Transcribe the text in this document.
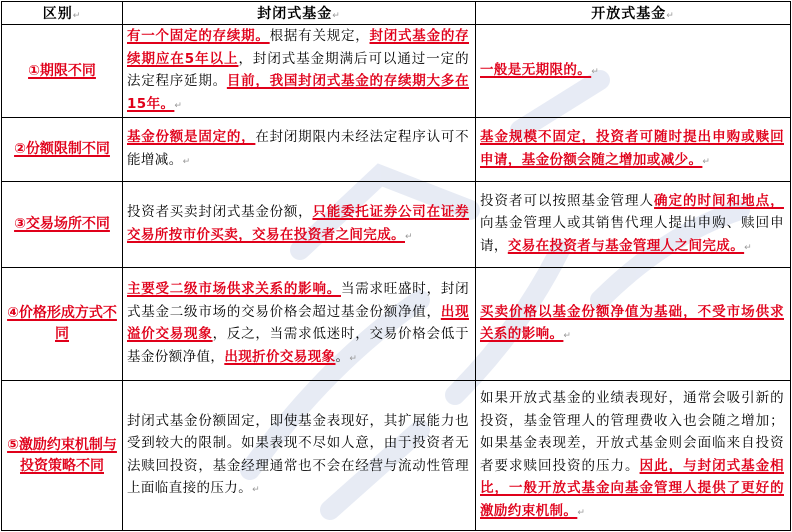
区别↵	封闭式基金↵	开放式基金↵
①期限不同	有一个固定的存续期。根据有关规定，封闭式基金的存续期应在5年以上，封闭式基金期满后可以通过一定的法定程序延期。目前，我国封闭式基金的存续期大多在15年。↵	一般是无期限的。↵
②份额限制不同	基金份额是固定的，在封闭期限内未经法定程序认可不能增减。↵	基金规模不固定，投资者可随时提出申购或赎回申请，基金份额会随之增加或减少。↵
③交易场所不同	投资者买卖封闭式基金份额，只能委托证券公司在证券交易所按市价买卖，交易在投资者之间完成。↵	投资者可以按照基金管理人确定的时间和地点，向基金管理人或其销售代理人提出申购、赎回申请，交易在投资者与基金管理人之间完成。↵
④价格形成方式不同	主要受二级市场供求关系的影响。当需求旺盛时，封闭式基金二级市场的交易价格会超过基金份额净值，出现溢价交易现象，反之，当需求低迷时，交易价格会低于基金份额净值，出现折价交易现象。↵	买卖价格以基金份额净值为基础，不受市场供求关系的影响。↵
⑤激励约束机制与投资策略不同	封闭式基金份额固定，即使基金表现好，其扩展能力也受到较大的限制。如果表现不尽如人意，由于投资者无法赎回投资，基金经理通常也不会在经营与流动性管理上面临直接的压力。↵	如果开放式基金的业绩表现好，通常会吸引新的投资，基金管理人的管理费收入也会随之增加；如果基金表现差，开放式基金则会面临来自投资者要求赎回投资的压力。因此，与封闭式基金相比，一般开放式基金向基金管理人提供了更好的激励约束机制。↵
